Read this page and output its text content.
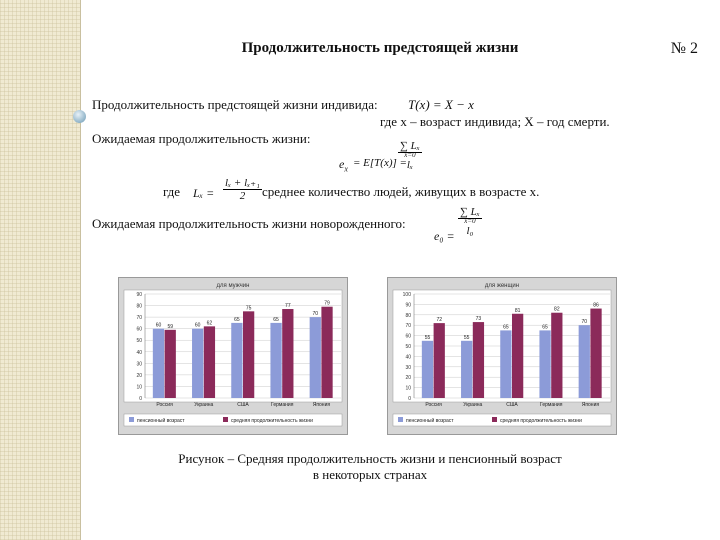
Продолжительность предстоящей жизни	№ 2
Продолжительность предстоящей жизни индивида: T(x) = X − x
где x – возраст индивида; X – год смерти.
Ожидаемая продолжительность жизни:
$e_x = E[T(x)]$ =
∑ Lₓ
x=0
lₓ
где $L_x = \frac{\text{lₓ + lₓ₊₁}}{2}$ среднее количество людей, живущих в возрасте x.
Ожидаемая продолжительность жизни новорожденного:
e₀ =
∑ Lₓ
x=0
l₀
для мужчин
0
10
20
30
40
50
60
70
80
90
60 59
Россия
60 62
Украина
65
75
США
65
77
Германия
70
79
Япония
пенсионный возраст	средняя продолжительность жизни
для женщин
0
10
20
30
40
50
60
70
80
90
100
55
72
Россия
55
73
Украина
65
81
США
65
82
Германия
70
86
Япония
пенсионный возраст	средняя продолжительность жизни
Рисунок – Средняя продолжительность жизни и пенсионный возраст
в некоторых странах
